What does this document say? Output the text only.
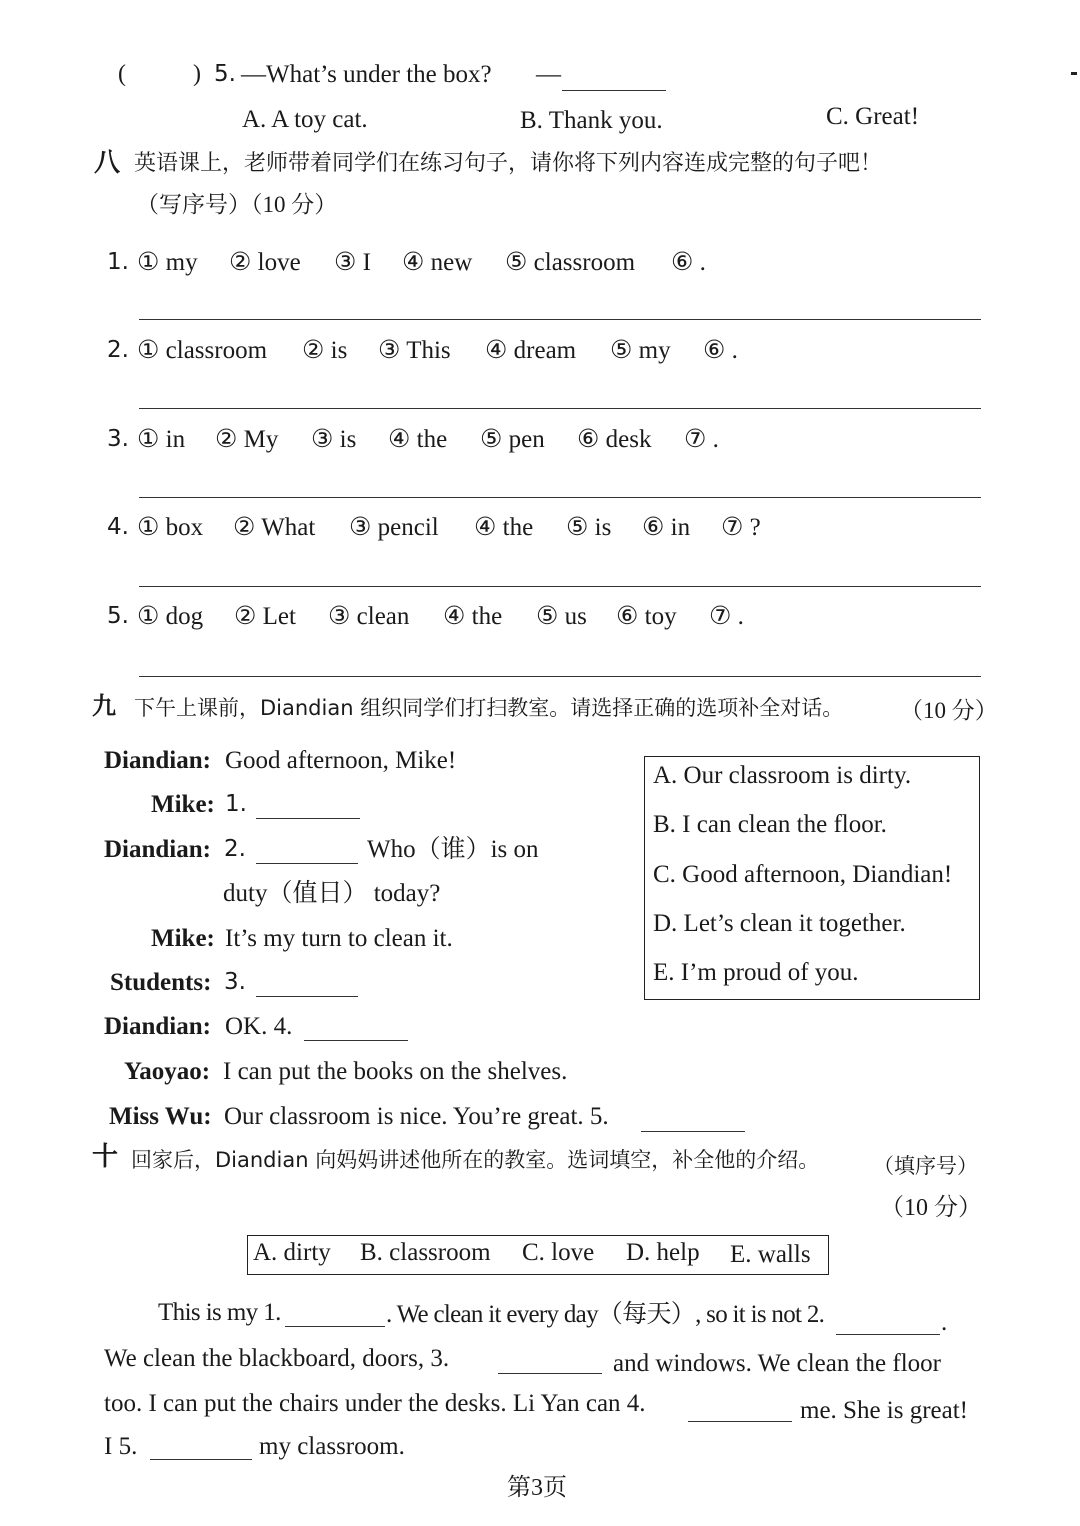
(	) 5. —What’s under the box? —
A. A toy cat.	B. Thank you.	C. Great!
八 英语课上，老师带着同学们在练习句子，请你将下列内容连成完整的句子吧！
（写序号）（10 分）
1. ① my ② love ③ I ④ new ⑤ classroom ⑥ .
2. ① classroom ② is ③ This ④ dream ⑤ my ⑥ .
3. ① in ② My ③ is ④ the ⑤ pen ⑥ desk ⑦ .
4. ① box ② What ③ pencil ④ the ⑤ is ⑥ in ⑦ ?
5. ① dog ② Let ③ clean ④ the ⑤ us ⑥ toy ⑦ .
九 下午上课前，Diandian 组织同学们打扫教室。请选择正确的选项补全对话。 （10 分）
Diandian: Good afternoon, Mike!
Mike: 1.
Diandian: 2.	Who（谁）is on
duty（值日） today?
Mike: It’s my turn to clean it.
Students: 3.
Diandian: OK. 4.
Yaoyao: I can put the books on the shelves.
Miss Wu: Our classroom is nice. You’re great. 5.
A. Our classroom is dirty.
B. I can clean the floor.
C. Good afternoon, Diandian!
D. Let’s clean it together.
E. I’m proud of you.
十 回家后，Diandian 向妈妈讲述他所在的教室。选词填空，补全他的介绍。	（填序号）
（10 分）
A. dirty B. classroom C. love D. help E. walls
This is my 1.	. We clean it every day（每天）, so it is not 2.	.
We clean the blackboard, doors, 3.	and windows. We clean the floor
too. I can put the chairs under the desks. Li Yan can 4.	me. She is great!
I 5.	my classroom.
第3页
